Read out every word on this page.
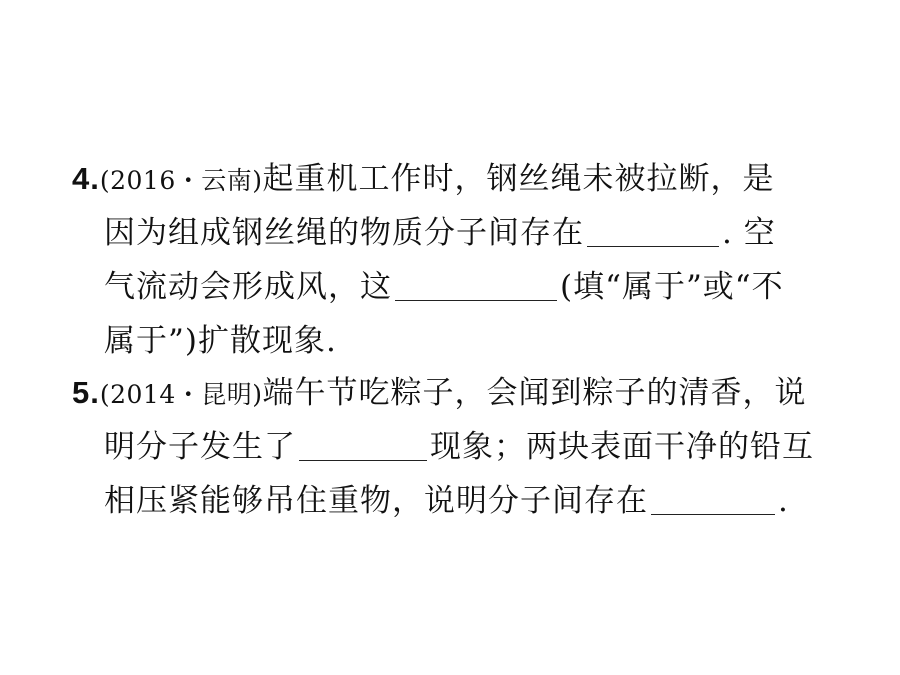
4.(2016・云南)起重机工作时，钢丝绳未被拉断，是
因为组成钢丝绳的物质分子间存在	. 空
气流动会形成风，这	(填“属于”或“不
属于”)扩散现象.
5.(2014・昆明)端午节吃粽子，会闻到粽子的清香，说
明分子发生了	现象；两块表面干净的铅互
相压紧能够吊住重物，说明分子间存在	.
